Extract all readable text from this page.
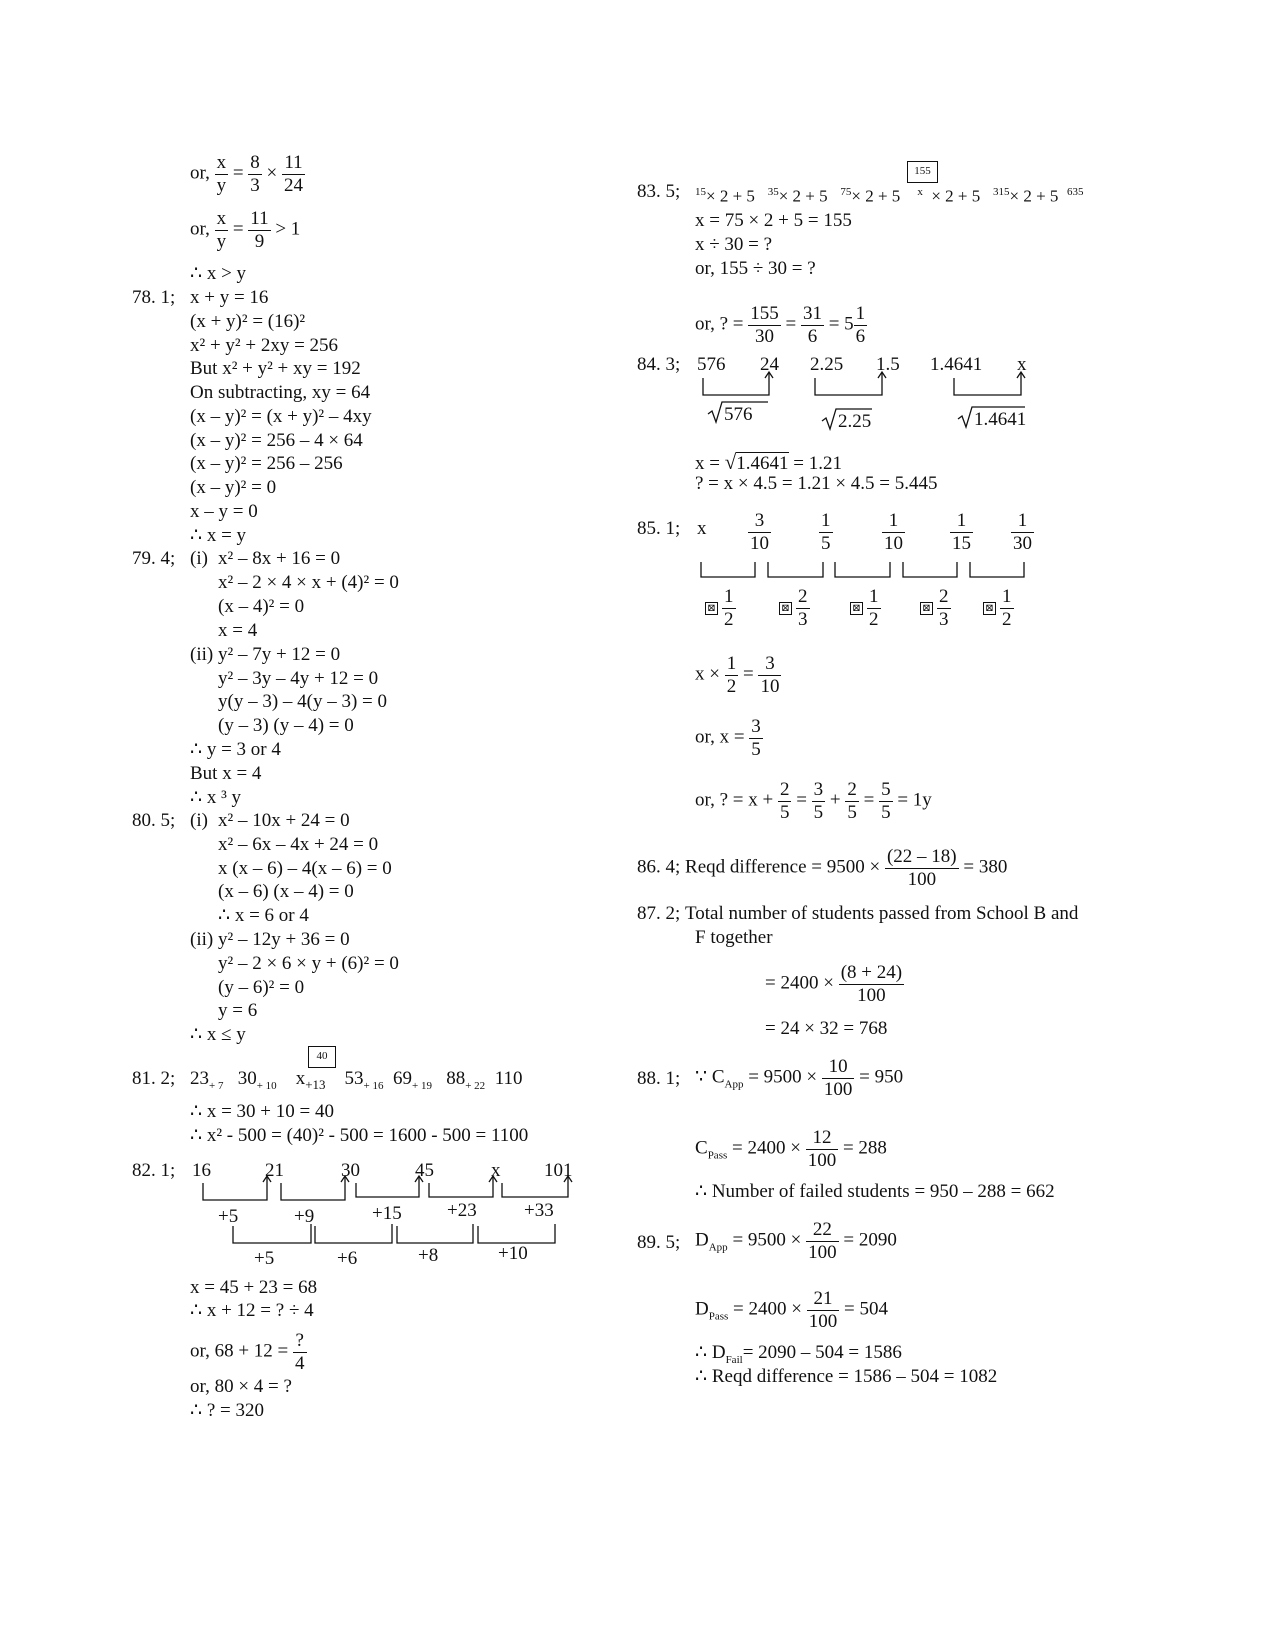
or, $\frac{x}{y} = \frac{8}{3} \times \frac{11}{24}$
or, $\frac{x}{y} = \frac{11}{9} > 1$
∴ x > y
78. 1; x + y = 16
(x + y)² = (16)²
x² + y² + 2xy = 256
But x² + y² + xy = 192
On subtracting, xy = 64
(x – y)² = (x + y)² – 4xy
(x – y)² = 256 – 4 × 64
(x – y)² = 256 – 256
(x – y)² = 0
x – y = 0
∴ x = y
79. 4; (i) x² – 8x + 16 = 0
x² – 2 × 4 × x + (4)² = 0
(x – 4)² = 0
x = 4
(ii) y² – 7y + 12 = 0
y² – 3y – 4y + 12 = 0
y(y – 3) – 4(y – 3) = 0
(y – 3) (y – 4) = 0
∴ y = 3 or 4
But x = 4
∴ x ³ y
80. 5; (i) x² – 10x + 24 = 0
x² – 6x – 4x + 24 = 0
x (x – 6) – 4(x – 6) = 0
(x – 6) (x – 4) = 0
∴ x = 6 or 4
(ii) y² – 12y + 36 = 0
y² – 2 × 6 × y + (6)² = 0
(y – 6)² = 0
y = 6
∴ x ≤ y
81. 2;
40
$23_{+ 7}$ $30_{+ 10}$ $x_{+13}$ $53_{+ 16}$ $69_{+ 19}$ $88_{+ 22}$ 110
∴ x = 30 + 10 = 40
∴ x² - 500 = (40)² - 500 = 1600 - 500 = 1100
82. 1; 16	21	30	45	x 101
+5	+9	+15 +23 +33
+5	+6	+8	+10
x = 45 + 23 = 68
∴ x + 12 = ? ÷ 4
or, 68 + 12 =
?
4
or, 80 × 4 = ?
∴ ? = 320
83. 5;
155
$^{15}$× 2 + 5 $^{35}$× 2 + 5 $^{75}$× 2 + 5 $^x$ × 2 + 5 $^{315}$× 2 + 5 $^{635}$
x = 75 × 2 + 5 = 155
x ÷ 30 = ?
or, 155 ÷ 30 = ?
or, ? = $\frac{155}{30} = \frac{31}{6} = 5 \frac{1}{6}$
84. 3; 576 24 2.25 1.5 1.4641 x
576	2.25	1.4641
x = √1.4641 = 1.21
? = x × 4.5 = 1.21 × 4.5 = 5.445
85. 1; x $\frac{3}{10}$	$\frac{1}{5}$	$\frac{1}{10} \frac{1}{15} \frac{1}{30}$
⊠ $\frac{1}{2}$	⊠ $\frac{2}{3}$	⊠ $\frac{1}{2}$	⊠ $\frac{2}{3}$	⊠ $\frac{1}{2}$
$x \times \frac{1}{2} = \frac{3}{10}$
or, $x = \frac{3}{5}$
or, ? = $x + \frac{2}{5} = \frac{3}{5} + \frac{2}{5} = \frac{5}{5} = 1y$
86. 4; Reqd difference = $9500 \times \frac{(22 - 18)}{100} = 380$
87. 2; Total number of students passed from School B and
F together
= $2400 \times \frac{(8 + 24)}{100}$
= 24 × 32 = 768
88. 1; ∵ $C_{App} = 9500 \times \frac{10}{100} = 950$
$C_{Pass} = 2400 \times \frac{12}{100} = 288$
∴ Number of failed students = 950 – 288 = 662
89. 5; $D_{App} = 9500 \times \frac{22}{100} = 2090$
$D_{Pass} = 2400 \times \frac{21}{100} = 504$
∴ $D_{Fail}= 2090 - 504 = 1586$
∴ Reqd difference = 1586 – 504 = 1082
